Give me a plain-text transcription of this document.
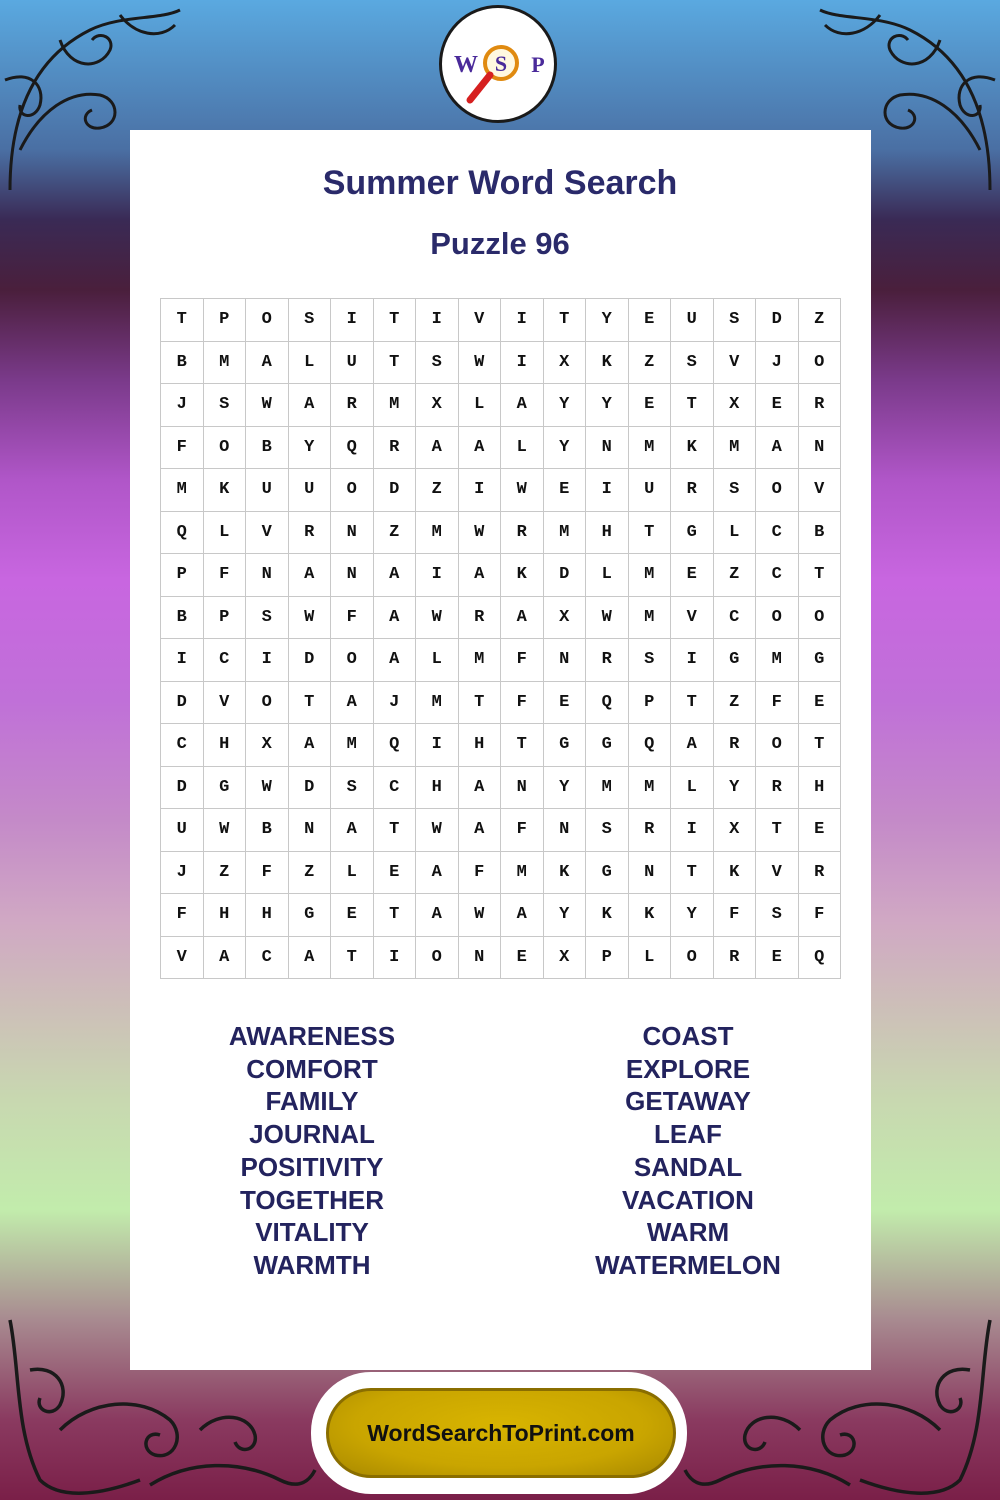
S
W P
Summer Word Search
Puzzle 96
T	P	O	S	I	T	I	V	I	T	Y	E	U	S	D	Z
B	M	A	L	U	T	S	W	I	X	K	Z	S	V	J	O
J	S	W	A	R	M	X	L	A	Y	Y	E	T	X	E	R
F	O	B	Y	Q	R	A	A	L	Y	N	M	K	M	A	N
M	K	U	U	O	D	Z	I	W	E	I	U	R	S	O	V
Q	L	V	R	N	Z	M	W	R	M	H	T	G	L	C	B
P	F	N	A	N	A	I	A	K	D	L	M	E	Z	C	T
B	P	S	W	F	A	W	R	A	X	W	M	V	C	O	O
I	C	I	D	O	A	L	M	F	N	R	S	I	G	M	G
D	V	O	T	A	J	M	T	F	E	Q	P	T	Z	F	E
C	H	X	A	M	Q	I	H	T	G	G	Q	A	R	O	T
D	G	W	D	S	C	H	A	N	Y	M	M	L	Y	R	H
U	W	B	N	A	T	W	A	F	N	S	R	I	X	T	E
J	Z	F	Z	L	E	A	F	M	K	G	N	T	K	V	R
F	H	H	G	E	T	A	W	A	Y	K	K	Y	F	S	F
V	A	C	A	T	I	O	N	E	X	P	L	O	R	E	Q
AWARENESS
COMFORT
FAMILY
JOURNAL
POSITIVITY
TOGETHER
VITALITY
WARMTH
COAST
EXPLORE
GETAWAY
LEAF
SANDAL
VACATION
WARM
WATERMELON
WordSearchToPrint.com
